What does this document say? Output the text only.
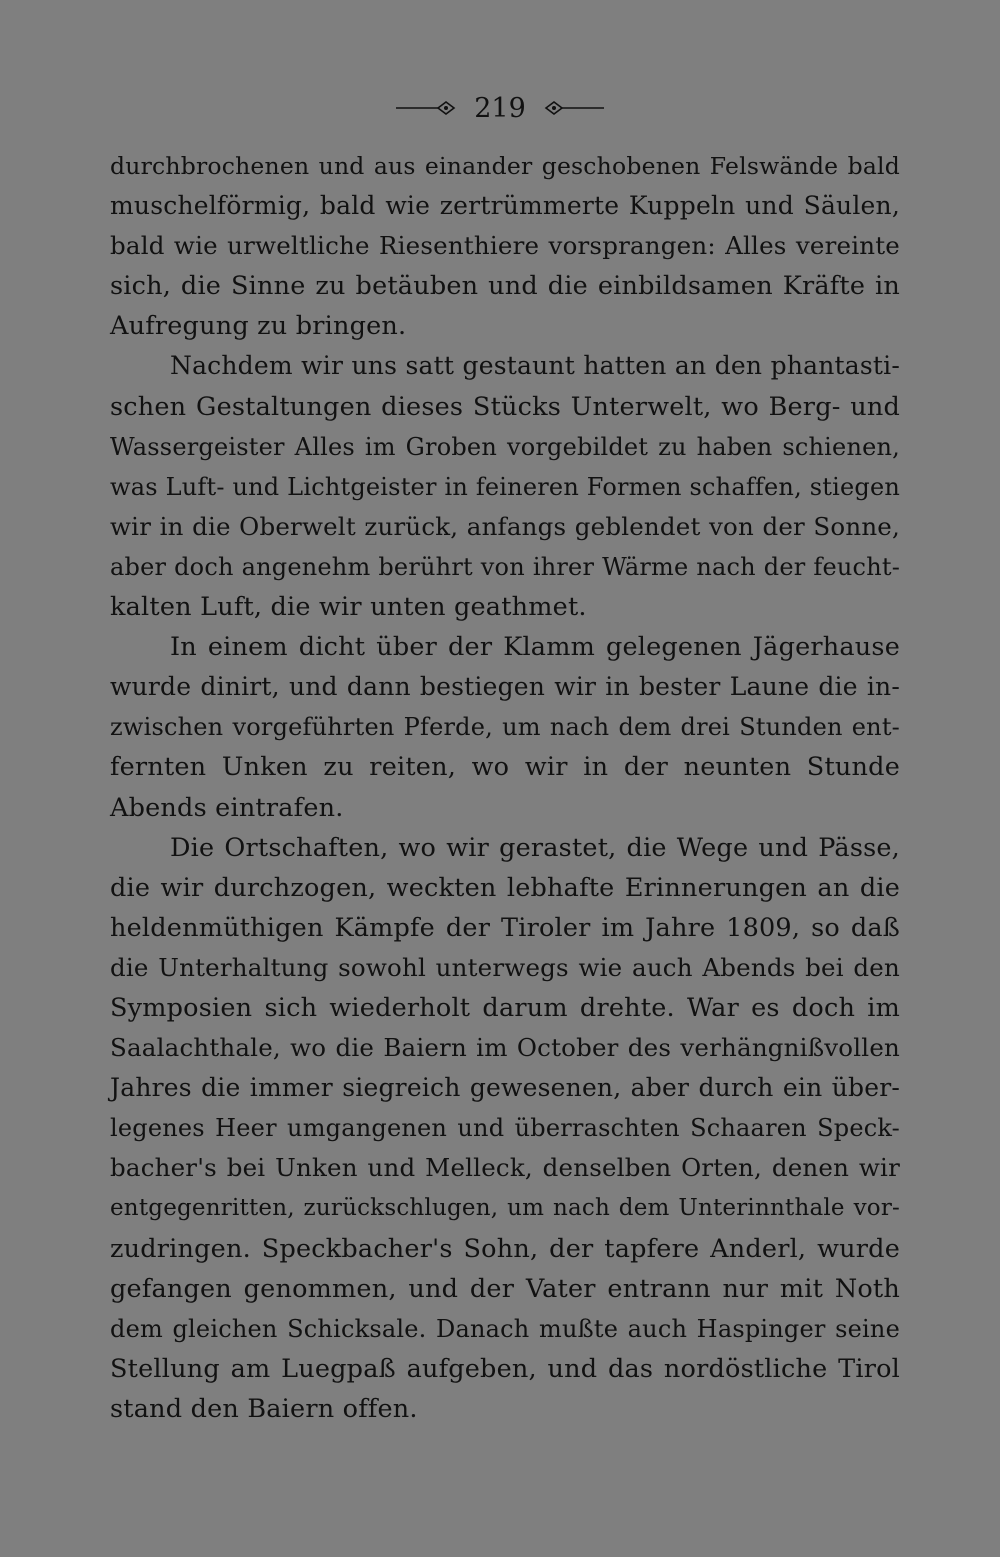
219
durchbrochenen und aus einander geschobenen Felswände bald
muschelförmig, bald wie zertrümmerte Kuppeln und Säulen,
bald wie urweltliche Riesenthiere vorsprangen: Alles vereinte
sich, die Sinne zu betäuben und die einbildsamen Kräfte in
Aufregung zu bringen.
Nachdem wir uns satt gestaunt hatten an den phantasti-
schen Gestaltungen dieses Stücks Unterwelt, wo Berg- und
Wassergeister Alles im Groben vorgebildet zu haben schienen,
was Luft- und Lichtgeister in feineren Formen schaffen, stiegen
wir in die Oberwelt zurück, anfangs geblendet von der Sonne,
aber doch angenehm berührt von ihrer Wärme nach der feucht-
kalten Luft, die wir unten geathmet.
In einem dicht über der Klamm gelegenen Jägerhause
wurde dinirt, und dann bestiegen wir in bester Laune die in-
zwischen vorgeführten Pferde, um nach dem drei Stunden ent-
fernten Unken zu reiten, wo wir in der neunten Stunde
Abends eintrafen.
Die Ortschaften, wo wir gerastet, die Wege und Pässe,
die wir durchzogen, weckten lebhafte Erinnerungen an die
heldenmüthigen Kämpfe der Tiroler im Jahre 1809, so daß
die Unterhaltung sowohl unterwegs wie auch Abends bei den
Symposien sich wiederholt darum drehte. War es doch im
Saalachthale, wo die Baiern im October des verhängnißvollen
Jahres die immer siegreich gewesenen, aber durch ein über-
legenes Heer umgangenen und überraschten Schaaren Speck-
bacher's bei Unken und Melleck, denselben Orten, denen wir
entgegenritten, zurückschlugen, um nach dem Unterinnthale vor-
zudringen. Speckbacher's Sohn, der tapfere Anderl, wurde
gefangen genommen, und der Vater entrann nur mit Noth
dem gleichen Schicksale. Danach mußte auch Haspinger seine
Stellung am Luegpaß aufgeben, und das nordöstliche Tirol
stand den Baiern offen.
